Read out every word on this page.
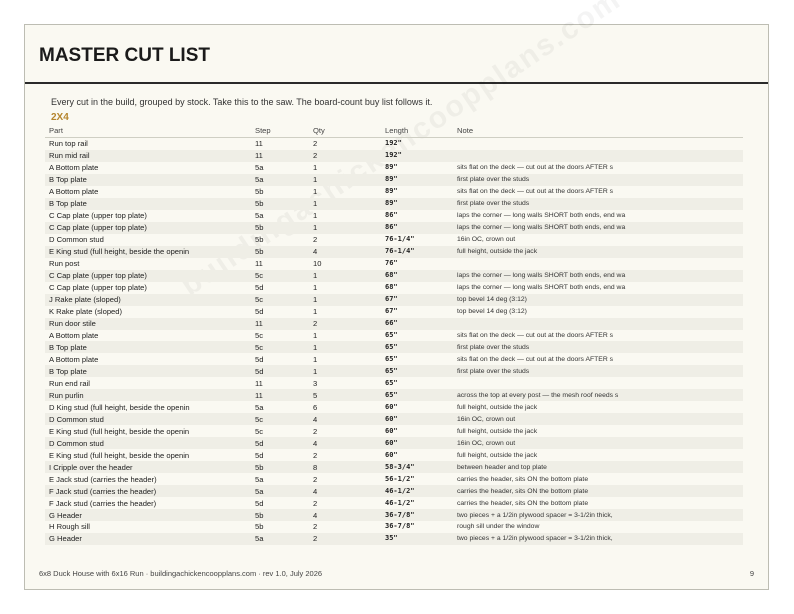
MASTER CUT LIST
Every cut in the build, grouped by stock. Take this to the saw. The board-count buy list follows it.
2X4
Part	Step	Qty	Length	Note
Run top rail	11	2	192"	
Run mid rail	11	2	192"	
A Bottom plate	5a	1	89"	sits flat on the deck — cut out at the doors AFTER s
B Top plate	5a	1	89"	first plate over the studs
A Bottom plate	5b	1	89"	sits flat on the deck — cut out at the doors AFTER s
B Top plate	5b	1	89"	first plate over the studs
C Cap plate (upper top plate)	5a	1	86"	laps the corner — long walls SHORT both ends, end wa
C Cap plate (upper top plate)	5b	1	86"	laps the corner — long walls SHORT both ends, end wa
D Common stud	5b	2	76-1/4"	16in OC, crown out
E King stud (full height, beside the openin	5b	4	76-1/4"	full height, outside the jack
Run post	11	10	76"	
C Cap plate (upper top plate)	5c	1	68"	laps the corner — long walls SHORT both ends, end wa
C Cap plate (upper top plate)	5d	1	68"	laps the corner — long walls SHORT both ends, end wa
J Rake plate (sloped)	5c	1	67"	top bevel 14 deg (3:12)
K Rake plate (sloped)	5d	1	67"	top bevel 14 deg (3:12)
Run door stile	11	2	66"	
A Bottom plate	5c	1	65"	sits flat on the deck — cut out at the doors AFTER s
B Top plate	5c	1	65"	first plate over the studs
A Bottom plate	5d	1	65"	sits flat on the deck — cut out at the doors AFTER s
B Top plate	5d	1	65"	first plate over the studs
Run end rail	11	3	65"	
Run purlin	11	5	65"	across the top at every post — the mesh roof needs s
D King stud (full height, beside the openin	5a	6	60"	full height, outside the jack
D Common stud	5c	4	60"	16in OC, crown out
E King stud (full height, beside the openin	5c	2	60"	full height, outside the jack
D Common stud	5d	4	60"	16in OC, crown out
E King stud (full height, beside the openin	5d	2	60"	full height, outside the jack
I Cripple over the header	5b	8	58-3/4"	between header and top plate
E Jack stud (carries the header)	5a	2	56-1/2"	carries the header, sits ON the bottom plate
F Jack stud (carries the header)	5a	4	46-1/2"	carries the header, sits ON the bottom plate
F Jack stud (carries the header)	5d	2	46-1/2"	carries the header, sits ON the bottom plate
G Header	5b	4	36-7/8"	two pieces + a 1/2in plywood spacer = 3-1/2in thick,
H Rough sill	5b	2	36-7/8"	rough sill under the window
G Header	5a	2	35"	two pieces + a 1/2in plywood spacer = 3-1/2in thick,
6x8 Duck House with 6x16 Run · buildingachickencoopplans.com · rev 1.0, July 2026	9
